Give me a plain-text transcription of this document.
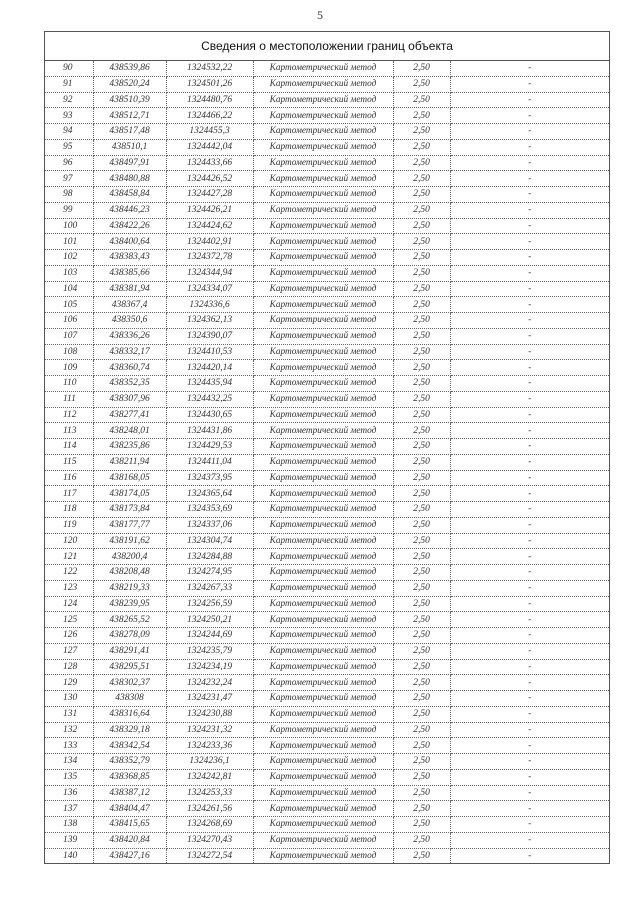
5
Сведения о местоположении границ объекта
90	438539,86	1324532,22	Картометрический метод	2,50	-
91	438520,24	1324501,26	Картометрический метод	2,50	-
92	438510,39	1324480,76	Картометрический метод	2,50	-
93	438512,71	1324466,22	Картометрический метод	2,50	-
94	438517,48	1324455,3	Картометрический метод	2,50	-
95	438510,1	1324442,04	Картометрический метод	2,50	-
96	438497,91	1324433,66	Картометрический метод	2,50	-
97	438480,88	1324426,52	Картометрический метод	2,50	-
98	438458,84	1324427,28	Картометрический метод	2,50	-
99	438446,23	1324426,21	Картометрический метод	2,50	-
100	438422,26	1324424,62	Картометрический метод	2,50	-
101	438400,64	1324402,91	Картометрический метод	2,50	-
102	438383,43	1324372,78	Картометрический метод	2,50	-
103	438385,66	1324344,94	Картометрический метод	2,50	-
104	438381,94	1324334,07	Картометрический метод	2,50	-
105	438367,4	1324336,6	Картометрический метод	2,50	-
106	438350,6	1324362,13	Картометрический метод	2,50	-
107	438336,26	1324390,07	Картометрический метод	2,50	-
108	438332,17	1324410,53	Картометрический метод	2,50	-
109	438360,74	1324420,14	Картометрический метод	2,50	-
110	438352,35	1324435,94	Картометрический метод	2,50	-
111	438307,96	1324432,25	Картометрический метод	2,50	-
112	438277,41	1324430,65	Картометрический метод	2,50	-
113	438248,01	1324431,86	Картометрический метод	2,50	-
114	438235,86	1324429,53	Картометрический метод	2,50	-
115	438211,94	1324411,04	Картометрический метод	2,50	-
116	438168,05	1324373,95	Картометрический метод	2,50	-
117	438174,05	1324365,64	Картометрический метод	2,50	-
118	438173,84	1324353,69	Картометрический метод	2,50	-
119	438177,77	1324337,06	Картометрический метод	2,50	-
120	438191,62	1324304,74	Картометрический метод	2,50	-
121	438200,4	1324284,88	Картометрический метод	2,50	-
122	438208,48	1324274,95	Картометрический метод	2,50	-
123	438219,33	1324267,33	Картометрический метод	2,50	-
124	438239,95	1324256,59	Картометрический метод	2,50	-
125	438265,52	1324250,21	Картометрический метод	2,50	-
126	438278,09	1324244,69	Картометрический метод	2,50	-
127	438291,41	1324235,79	Картометрический метод	2,50	-
128	438295,51	1324234,19	Картометрический метод	2,50	-
129	438302,37	1324232,24	Картометрический метод	2,50	-
130	438308	1324231,47	Картометрический метод	2,50	-
131	438316,64	1324230,88	Картометрический метод	2,50	-
132	438329,18	1324231,32	Картометрический метод	2,50	-
133	438342,54	1324233,36	Картометрический метод	2,50	-
134	438352,79	1324236,1	Картометрический метод	2,50	-
135	438368,85	1324242,81	Картометрический метод	2,50	-
136	438387,12	1324253,33	Картометрический метод	2,50	-
137	438404,47	1324261,56	Картометрический метод	2,50	-
138	438415,65	1324268,69	Картометрический метод	2,50	-
139	438420,84	1324270,43	Картометрический метод	2,50	-
140	438427,16	1324272,54	Картометрический метод	2,50	-
